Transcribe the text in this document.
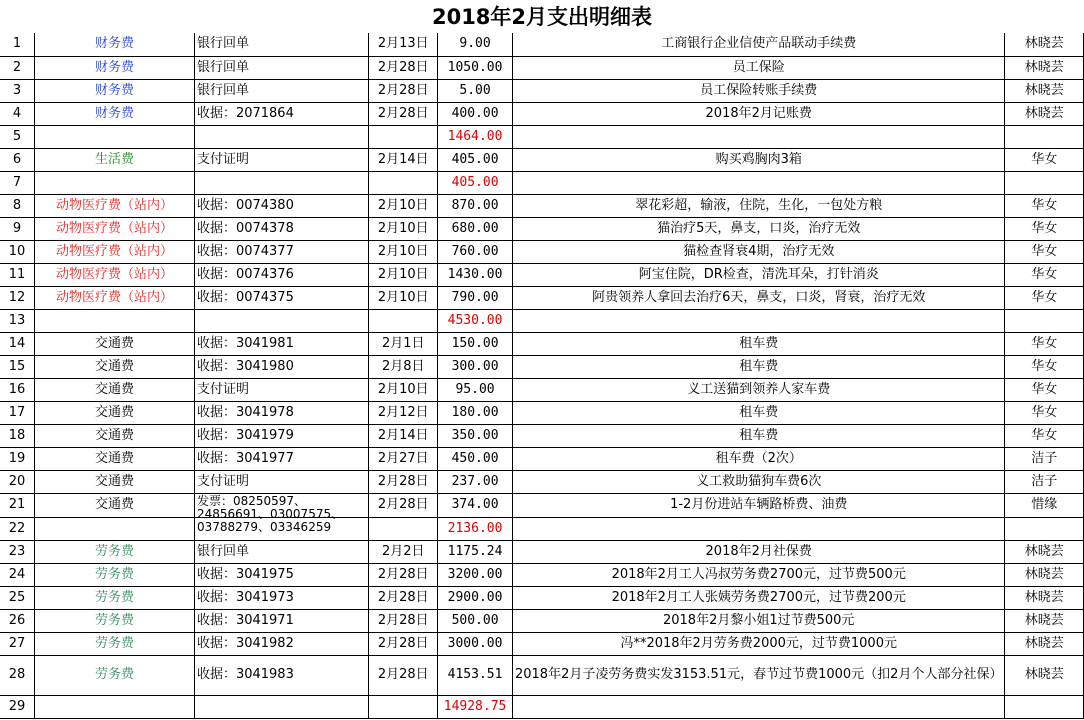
2018年2月支出明细表
1	财务费	银行回单	2月13日	9.00	工商银行企业信使产品联动手续费	林晓芸
2	财务费	银行回单	2月28日	1050.00	员工保险	林晓芸
3	财务费	银行回单	2月28日	5.00	员工保险转账手续费	林晓芸
4	财务费	收据：2071864	2月28日	400.00	2018年2月记账费	林晓芸
5				1464.00		
6	生活费	支付证明	2月14日	405.00	购买鸡胸肉3箱	华女
7				405.00		
8	动物医疗费（站内）	收据：0074380	2月10日	870.00	翠花彩超，输液，住院，生化，一包处方粮	华女
9	动物医疗费（站内）	收据：0074378	2月10日	680.00	猫治疗5天，鼻支，口炎，治疗无效	华女
10	动物医疗费（站内）	收据：0074377	2月10日	760.00	猫检查肾衰4期，治疗无效	华女
11	动物医疗费（站内）	收据：0074376	2月10日	1430.00	阿宝住院，DR检查，清洗耳朵，打针消炎	华女
12	动物医疗费（站内）	收据：0074375	2月10日	790.00	阿贵领养人拿回去治疗6天，鼻支，口炎，肾衰，治疗无效	华女
13				4530.00		
14	交通费	收据：3041981	2月1日	150.00	租车费	华女
15	交通费	收据：3041980	2月8日	300.00	租车费	华女
16	交通费	支付证明	2月10日	95.00	义工送猫到领养人家车费	华女
17	交通费	收据：3041978	2月12日	180.00	租车费	华女
18	交通费	收据：3041979	2月14日	350.00	租车费	华女
19	交通费	收据：3041977	2月27日	450.00	租车费（2次）	洁子
20	交通费	支付证明	2月28日	237.00	义工救助猫狗车费6次	洁子
21	交通费	发票：08250597、24856691、03007575、03788279、03346259	2月28日	374.00	1-2月份进站车辆路桥费、油费	惜缘
22				2136.00		
23	劳务费	银行回单	2月2日	1175.24	2018年2月社保费	林晓芸
24	劳务费	收据：3041975	2月28日	3200.00	2018年2月工人冯叔劳务费2700元，过节费500元	林晓芸
25	劳务费	收据：3041973	2月28日	2900.00	2018年2月工人张姨劳务费2700元，过节费200元	林晓芸
26	劳务费	收据：3041971	2月28日	500.00	2018年2月黎小姐1过节费500元	林晓芸
27	劳务费	收据：3041982	2月28日	3000.00	冯**2018年2月劳务费2000元，过节费1000元	林晓芸
28	劳务费	收据：3041983	2月28日	4153.51	2018年2月子凌劳务费实发3153.51元，春节过节费1000元（扣2月个人部分社保）	林晓芸
29				14928.75		
